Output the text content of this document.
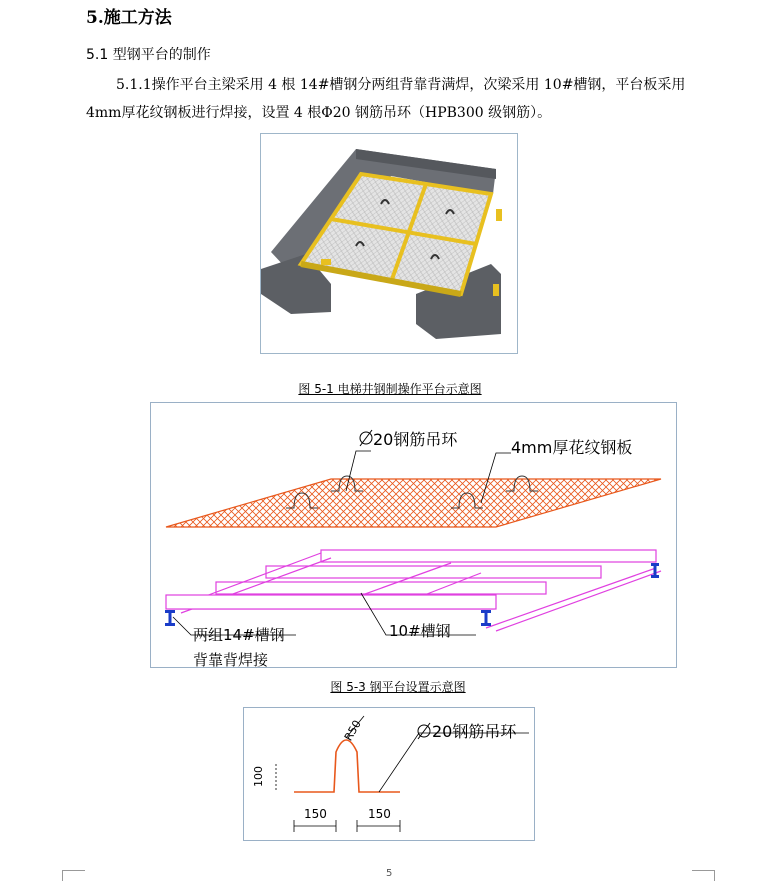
5.施工方法
5.1 型钢平台的制作
5.1.1操作平台主梁采用 4 根 14#槽钢分两组背靠背满焊，次梁采用 10#槽钢，平台板采用 4mm厚花纹钢板进行焊接，设置 4 根Φ20 钢筋吊环（HPB300 级钢筋）。
图 5-1 电梯井钢制操作平台示意图
20钢筋吊环	4mm厚花纹钢板
两组14#槽钢
背靠背焊接
10#槽钢
图 5-3 钢平台设置示意图
20钢筋吊环
R50
100
150	150
5
